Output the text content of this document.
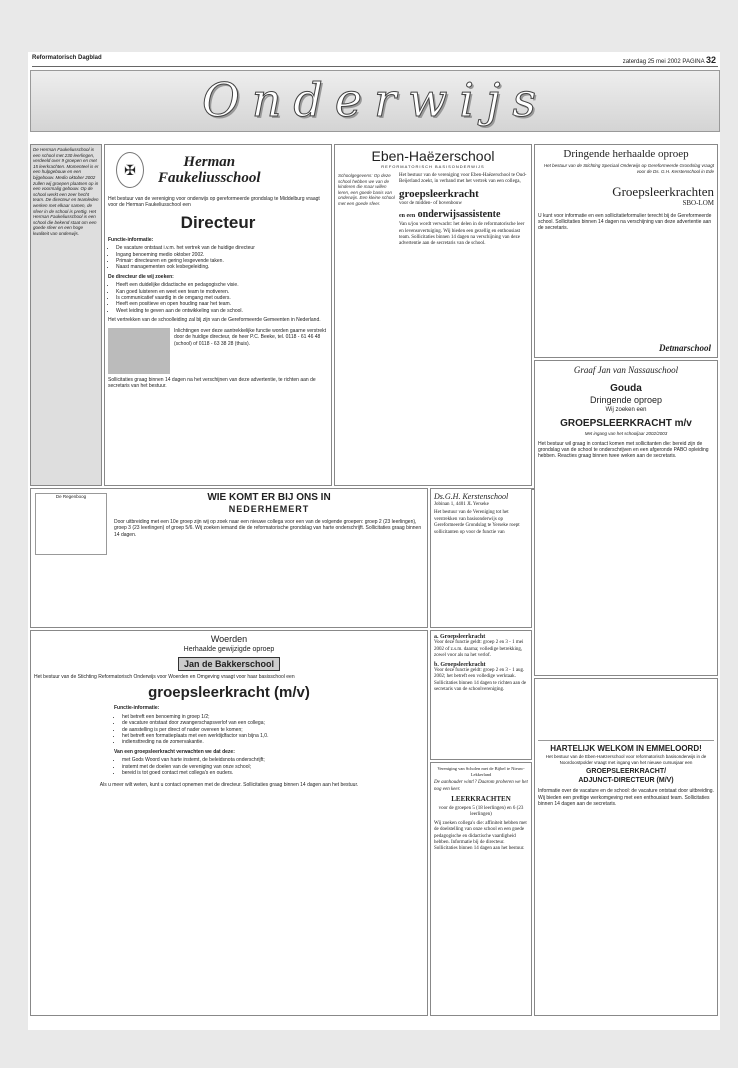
Reformatorisch Dagblad
zaterdag 25 mei 2002 PAGINA 32
Onderwijs

De Herman Faukeliusschool is een school met 230 leerlingen, verdeeld over 9 groepen en met 15 leerkrachten. Momenteel is er een hulpgebouw en een bijgebouw. Medio oktober 2002 zullen wij groepen plaatsen op in een voormalig gebouw. Op de school werkt een zeer hecht team. De directeur en teamleden werken met elkaar samen, de sfeer in de school is prettig. Het Herman Faukeliusschool is een school die bekend staat om een goede sfeer en een hoge kwaliteit van onderwijs.

✠	Herman
Faukeliusschool

Het bestuur van de vereniging voor onderwijs op gereformeerde grondslag te Middelburg vraagt voor de Herman Faukeliusschool een

Directeur

Functie-informatie:

• De vacature ontstaat i.v.m. het vertrek van de huidige directeur
• Ingang benoeming medio oktober 2002.
• Primair: directeuren en gering lesgevende taken.
• Naast managementen ook lesbegeleiding.

De directeur die wij zoeken:

• Heeft een duidelijke didactische en pedagogische visie.
• Kan goed luisteren en weet een team te motiveren.
• Is communicatief vaardig in de omgang met ouders.
• Heeft een positieve en open houding naar het team.
• Weet leiding te geven aan de ontwikkeling van de school.

Het vertrekken van de schoolleiding zal bij zijn van de Gereformeerde Gemeenten in Nederland.

Inlichtingen over deze aantrekkelijke functie worden gaarne verstrekt door de huidige directeur, de heer P.C. Beeke, tel. 0118 - 61 46 48 (school) of 0118 - 63 38 28 (thuis).

Sollicitaties graag binnen 14 dagen na het verschijnen van deze advertentie, te richten aan de secretaris van het bestuur.

Eben-Haëzerschool
REFORMATORISCH BASISONDERWIJS
Schoolgegevens: Op deze school hebben we van de kinderen die maar willen leren, een goede basis van onderwijs. Een kleine school met een goede sfeer.

Het bestuur van de vereniging voor Eben-Haëzerschool te Oud-Beijerland zoekt, in verband met het vertrek van een collega,

groepsleerkracht

voor de midden- of bovenbouw

en een onderwijsassistente

Van u/jou wordt verwacht: het delen in de reformatorische leer en levensovertuiging. Wij bieden een gezellig en enthousiast team. Sollicitaties binnen 14 dagen na verschijning van deze advertentie aan de secretaris van de school.

Dringende herhaalde oproep

Het bestuur van de Stichting Speciaal Onderwijs op Gereformeerde Grondslag vraagt voor de Ds. G.H. Kerstenschool in Ede

Groepsleerkrachten
SBO-LOM

U kunt voor informatie en een sollicitatieformulier terecht bij de Gereformeerde school. Sollicitaties binnen 14 dagen na verschijning van deze advertentie aan de secretaris.

Detmarschool
Graaf Jan van Nassauschool
Gouda
Dringende oproep
Wij zoeken een
GROEPSLEERKRACHT m/v
Met ingang van het schooljaar 2002/2003

Het bestuur wil graag in contact komen met sollicitanten die: bereid zijn de grondslag van de school te onderschrijven en een afgeronde PABO opleiding hebben. Reacties graag binnen twee weken aan de secretaris.

De Regenboog	WIE KOMT ER BIJ ONS IN
NEDERHEMERT

Door uitbreiding met een 10e groep zijn wij op zoek naar een nieuwe collega voor een van de volgende groepen: groep 2 (23 leerlingen), groep 3 (23 leerlingen) of groep 5/6. Wij zoeken iemand die de reformatorische grondslag van harte onderschrijft. Sollicitaties graag binnen 14 dagen.

Ds.G.H. Kerstenschool

Jobinan 1, 4401 JL Yerseke

Het bestuur van de Vereniging tot het verstrekken van basisonderwijs op Gereformeerde Grondslag te Yerseke roept sollicitanten op voor de functie van

a. Groepsleerkracht

Voor deze functie geldt: groep 2 en 3 - 1 mei 2002 of z.s.m. daarna; volledige betrekking, zowel voor als na het verlof.

b. Groepsleerkracht

Voor deze functie geldt: groep 2 en 3 - 1 aug. 2002; het betreft een volledige werktaak. Sollicitaties binnen 14 dagen te richten aan de secretaris van de schoolvereniging.

Woerden
Herhaalde gewijzigde oproep
Jan de Bakkerschool

Het bestuur van de Stichting Reformatorisch Onderwijs voor Woerden en Omgeving vraagt voor haar basisschool een

groepsleerkracht (m/v)

Functie-informatie:

• het betreft een benoeming in groep 1/2;
• de vacature ontstaat door zwangerschapsverlof van een collega;
• de aanstelling is per direct of nader overeen te komen;
• het betreft een formatieplaats met een werktijdfactor van bijna 1,0.
• indiensttreding na de zomervakantie.

Van een groepsleerkracht verwachten we dat deze:

• met Gods Woord van harte instemt, de beleidsnota onderschrijft;
• instemt met de doelen van de vereniging van onze school;
• bereid is tot goed contact met collega's en ouders.

Als u meer wilt weten, kunt u contact opnemen met de directeur. Sollicitaties graag binnen 14 dagen aan het bestuur.

Vereniging van Scholen met de Bijbel te Nieuw-Lekkerland

De aanhouder wint!? Daarom proberen we het nog een keer.

LEERKRACHTEN

voor de groepen 5 (18 leerlingen) en 6 (23 leerlingen)

Wij zoeken collega's die: affiniteit hebben met de doelstelling van onze school en een goede pedagogische en didactische vaardigheid hebben. Informatie bij de directeur. Sollicitaties binnen 14 dagen aan het bestuur.

HARTELIJK WELKOM IN EMMELOORD!

Het bestuur van de Eben-Haëzerschool voor reformatorisch basisonderwijs in de Noordoostpolder vraagt met ingang van het nieuwe cursusjaar een

GROEPSLEERKRACHT/
ADJUNCT-DIRECTEUR (M/V)

Informatie over de vacature en de school: de vacature ontstaat door uitbreiding. Wij bieden een prettige werkomgeving met een enthousiast team. Sollicitaties binnen 14 dagen aan de secretaris.
